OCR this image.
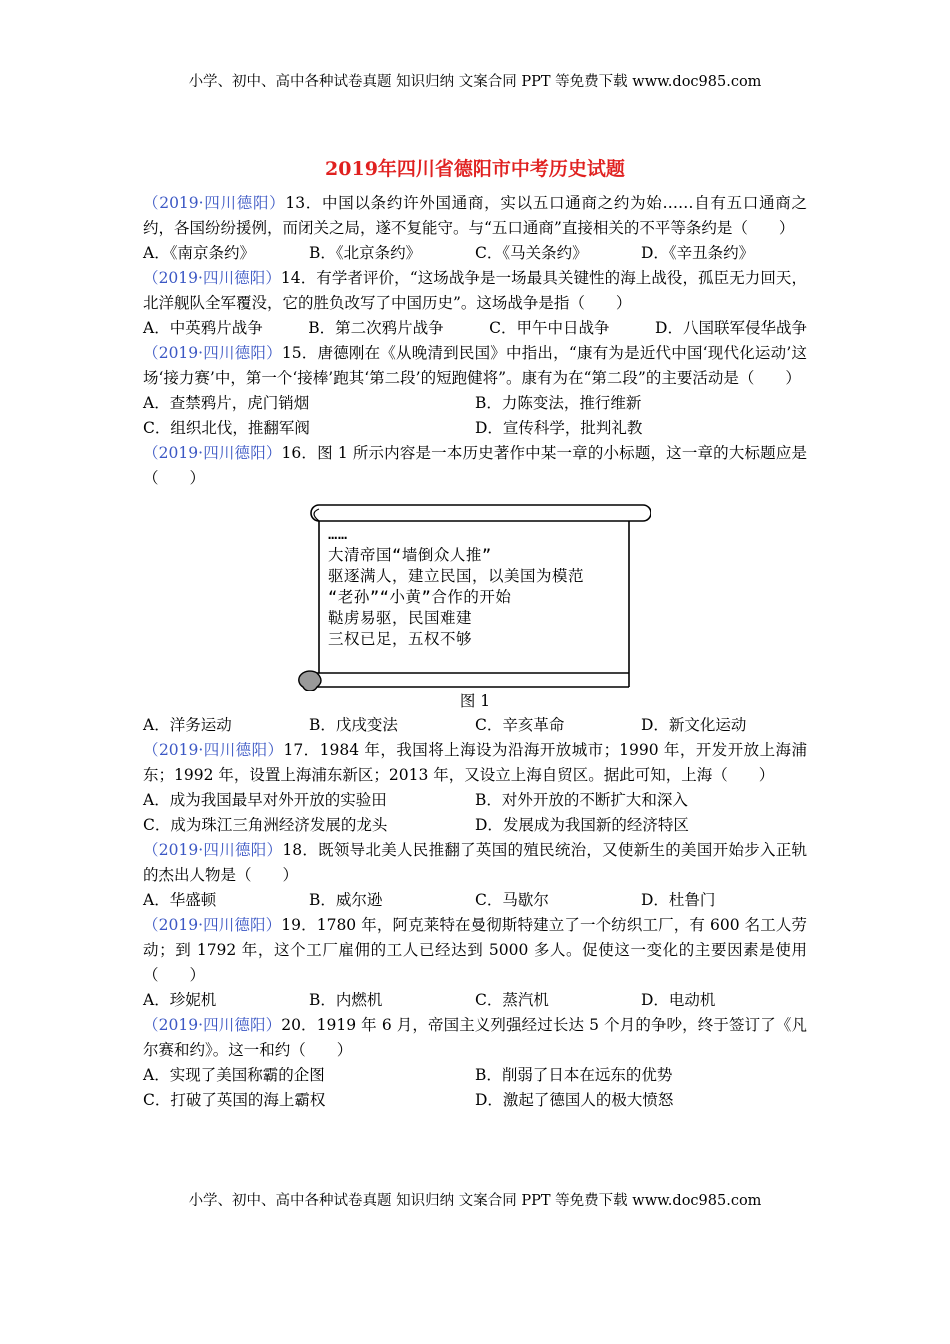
小学、初中、高中各种试卷真题 知识归纳 文案合同 PPT 等免费下载 www.doc985.com
2019年四川省德阳市中考历史试题
（2019·四川德阳）13．中国以条约许外国通商，实以五口通商之约为始……自有五口通商之约，各国纷纷援例，而闭关之局，遂不复能守。与“五口通商”直接相关的不平等条约是（　　）
A．《南京条约》	B．《北京条约》	C．《马关条约》	D．《辛丑条约》
（2019·四川德阳）14．有学者评价，“这场战争是一场最具关键性的海上战役，孤臣无力回天，北洋舰队全军覆没，它的胜负改写了中国历史”。这场战争是指（　　）
A．中英鸦片战争	B．第二次鸦片战争	C．甲午中日战争	D．八国联军侵华战争
（2019·四川德阳）15．唐德刚在《从晚清到民国》中指出，“康有为是近代中国‘现代化运动’这场‘接力赛’中，第一个‘接棒’跑其‘第二段’的短跑健将”。康有为在“第二段”的主要活动是（　　）
A．查禁鸦片，虎门销烟	B．力陈变法，推行维新
C．组织北伐，推翻军阀	D．宣传科学，批判礼教
（2019·四川德阳）16．图 1 所示内容是一本历史著作中某一章的小标题，这一章的大标题应是（　　）
……
大清帝国“墙倒众人推”
驱逐满人，建立民国，以美国为模范
“老孙”“小黄”合作的开始
鞑虏易驱，民国难建
三权已足，五权不够
图 1
A．洋务运动	B．戊戌变法	C．辛亥革命	D．新文化运动
（2019·四川德阳）17．1984 年，我国将上海设为沿海开放城市；1990 年，开发开放上海浦东；1992 年，设置上海浦东新区；2013 年，又设立上海自贸区。据此可知，上海（　　）
A．成为我国最早对外开放的实验田	B．对外开放的不断扩大和深入
C．成为珠江三角洲经济发展的龙头	D．发展成为我国新的经济特区
（2019·四川德阳）18．既领导北美人民推翻了英国的殖民统治，又使新生的美国开始步入正轨的杰出人物是（　　）
A．华盛顿	B．威尔逊	C．马歇尔	D．杜鲁门
（2019·四川德阳）19．1780 年，阿克莱特在曼彻斯特建立了一个纺织工厂，有 600 名工人劳动；到 1792 年，这个工厂雇佣的工人已经达到 5000 多人。促使这一变化的主要因素是使用（　　）
A．珍妮机	B．内燃机	C．蒸汽机	D．电动机
（2019·四川德阳）20．1919 年 6 月，帝国主义列强经过长达 5 个月的争吵，终于签订了《凡尔赛和约》。这一和约（　　）
A．实现了美国称霸的企图	B．削弱了日本在远东的优势
C．打破了英国的海上霸权	D．激起了德国人的极大愤怒
小学、初中、高中各种试卷真题 知识归纳 文案合同 PPT 等免费下载 www.doc985.com
